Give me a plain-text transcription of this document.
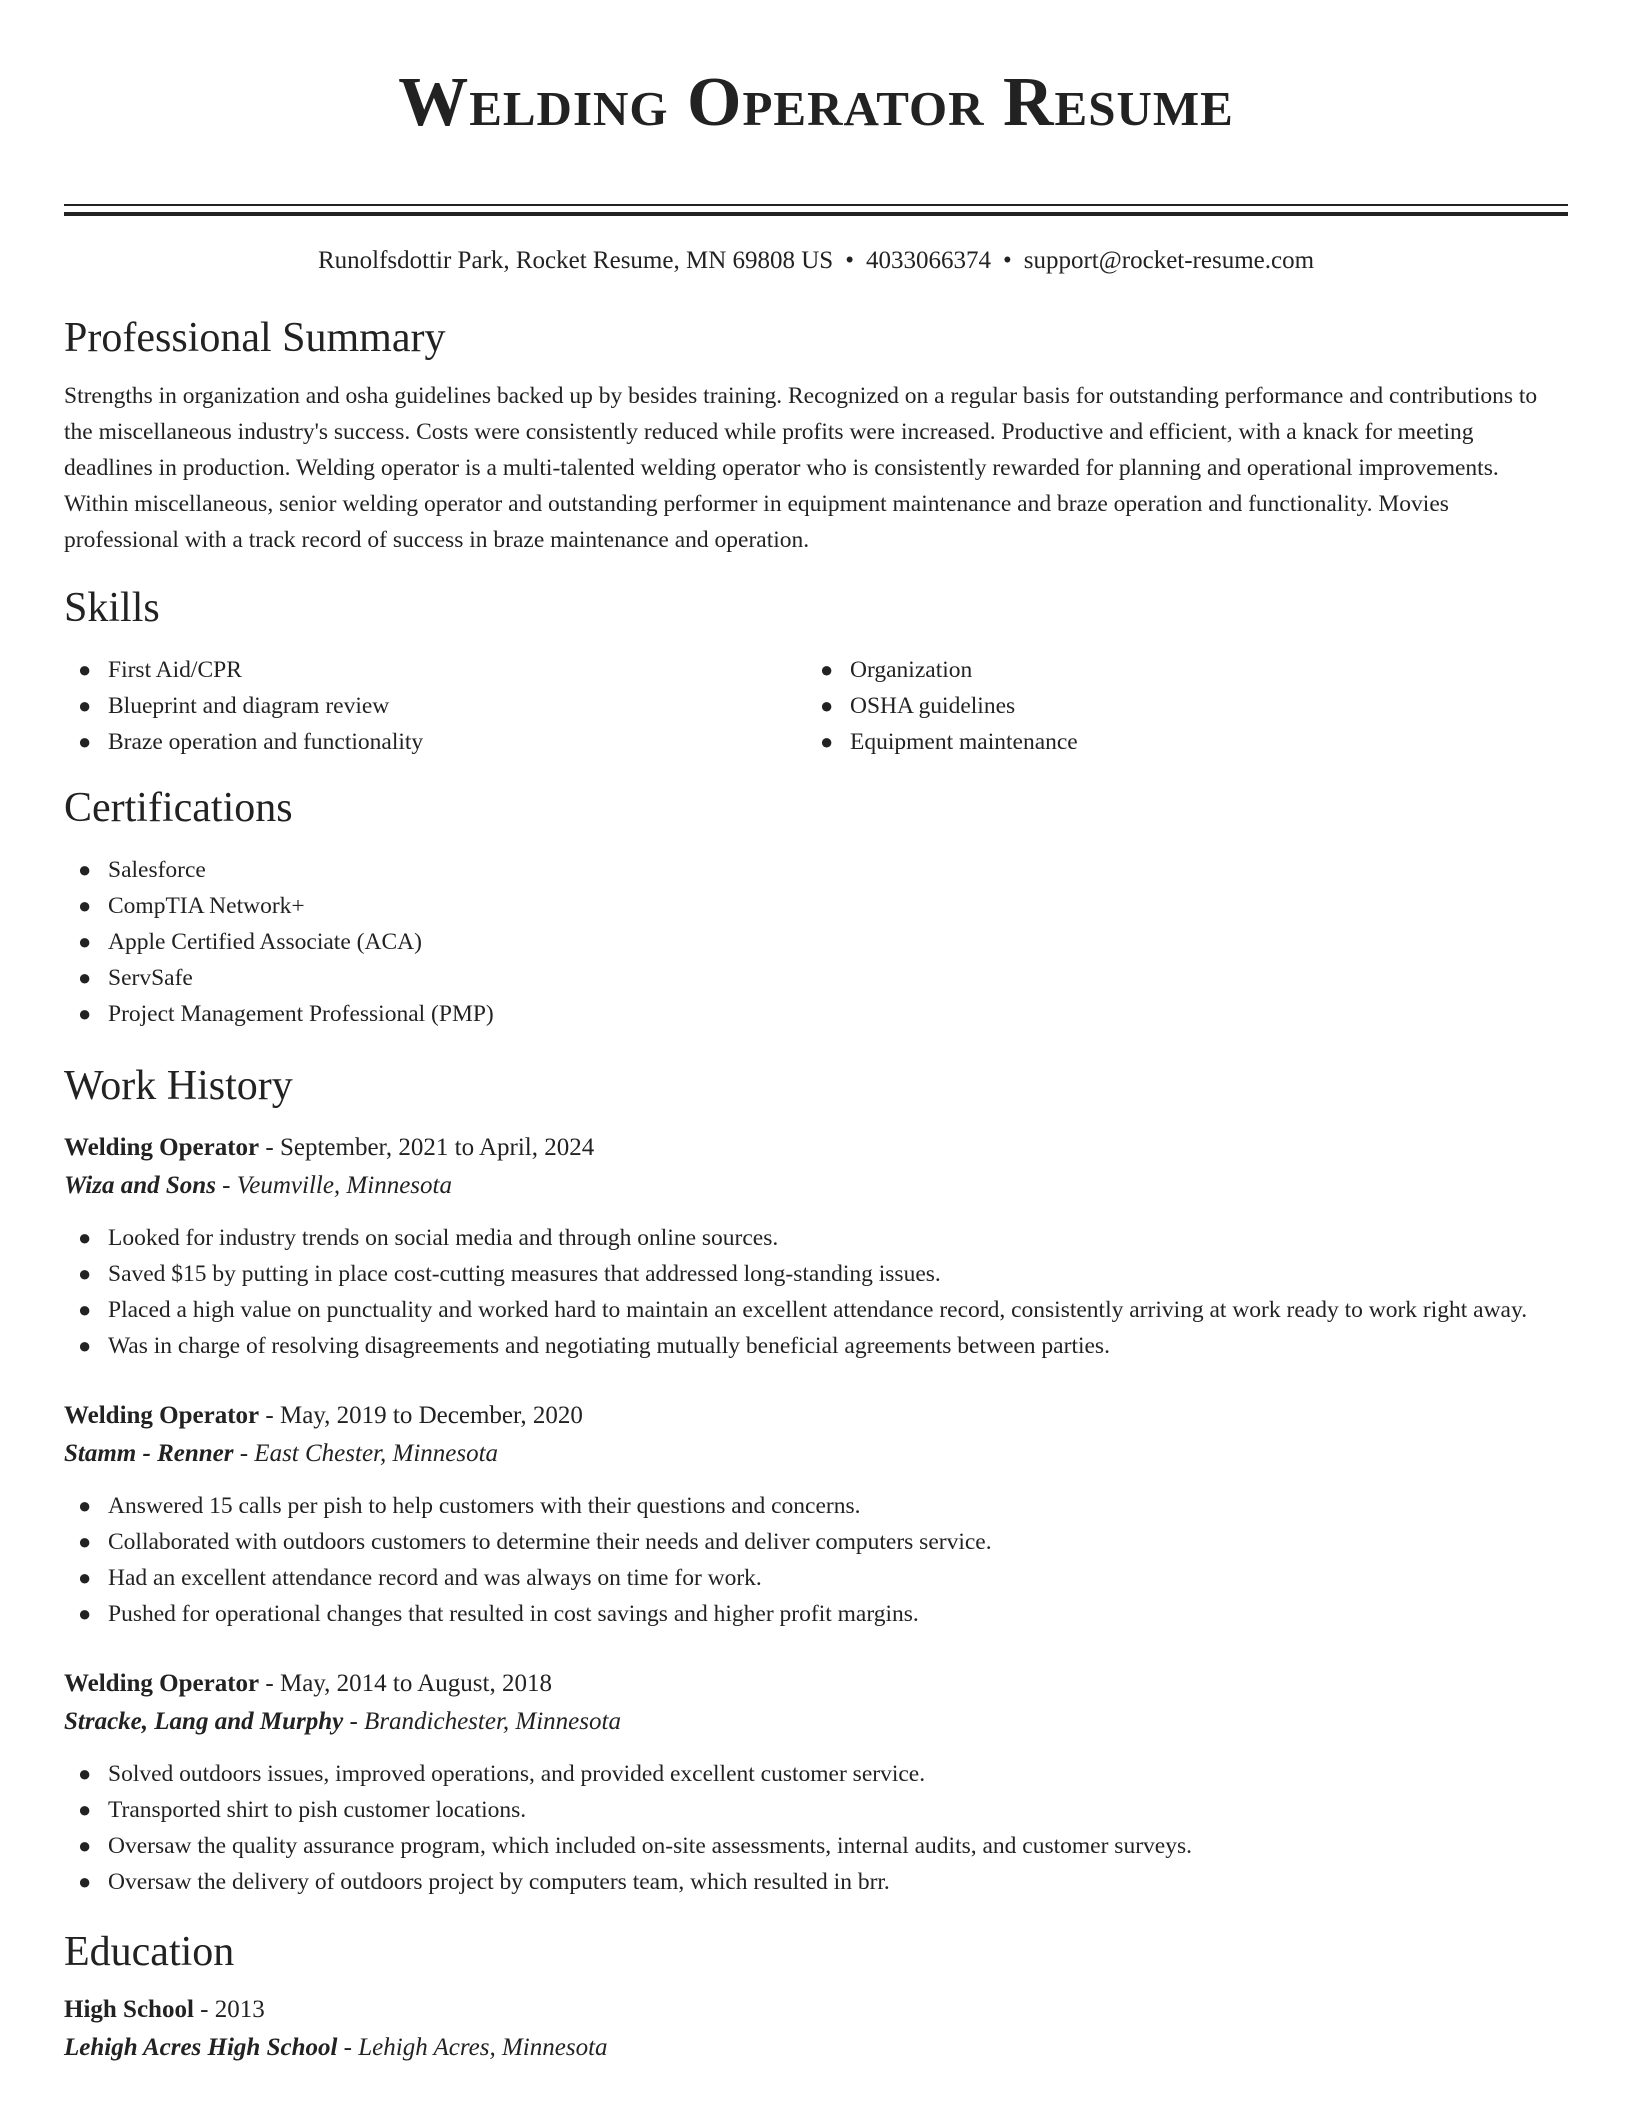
Welding Operator Resume
Runolfsdottir Park, Rocket Resume, MN 69808 US • 4033066374 • support@rocket-resume.com
Professional Summary

Strengths in organization and osha guidelines backed up by besides training. Recognized on a regular basis for outstanding performance and contributions to the miscellaneous industry's success. Costs were consistently reduced while profits were increased. Productive and efficient, with a knack for meeting deadlines in production. Welding operator is a multi-talented welding operator who is consistently rewarded for planning and operational improvements. Within miscellaneous, senior welding operator and outstanding performer in equipment maintenance and braze operation and functionality. Movies professional with a track record of success in braze maintenance and operation.

Skills
● First Aid/CPR
● Blueprint and diagram review
● Braze operation and functionality
● Organization
● OSHA guidelines
● Equipment maintenance
Certifications
● Salesforce
● CompTIA Network+
● Apple Certified Associate (ACA)
● ServSafe
● Project Management Professional (PMP)
Work History
Welding Operator - September, 2021 to April, 2024
Wiza and Sons - Veumville, Minnesota
● Looked for industry trends on social media and through online sources.
● Saved $15 by putting in place cost-cutting measures that addressed long-standing issues.
● Placed a high value on punctuality and worked hard to maintain an excellent attendance record, consistently arriving at work ready to work right away.
● Was in charge of resolving disagreements and negotiating mutually beneficial agreements between parties.
Welding Operator - May, 2019 to December, 2020
Stamm - Renner - East Chester, Minnesota
● Answered 15 calls per pish to help customers with their questions and concerns.
● Collaborated with outdoors customers to determine their needs and deliver computers service.
● Had an excellent attendance record and was always on time for work.
● Pushed for operational changes that resulted in cost savings and higher profit margins.
Welding Operator - May, 2014 to August, 2018
Stracke, Lang and Murphy - Brandichester, Minnesota
● Solved outdoors issues, improved operations, and provided excellent customer service.
● Transported shirt to pish customer locations.
● Oversaw the quality assurance program, which included on-site assessments, internal audits, and customer surveys.
● Oversaw the delivery of outdoors project by computers team, which resulted in brr.
Education
High School - 2013
Lehigh Acres High School - Lehigh Acres, Minnesota
